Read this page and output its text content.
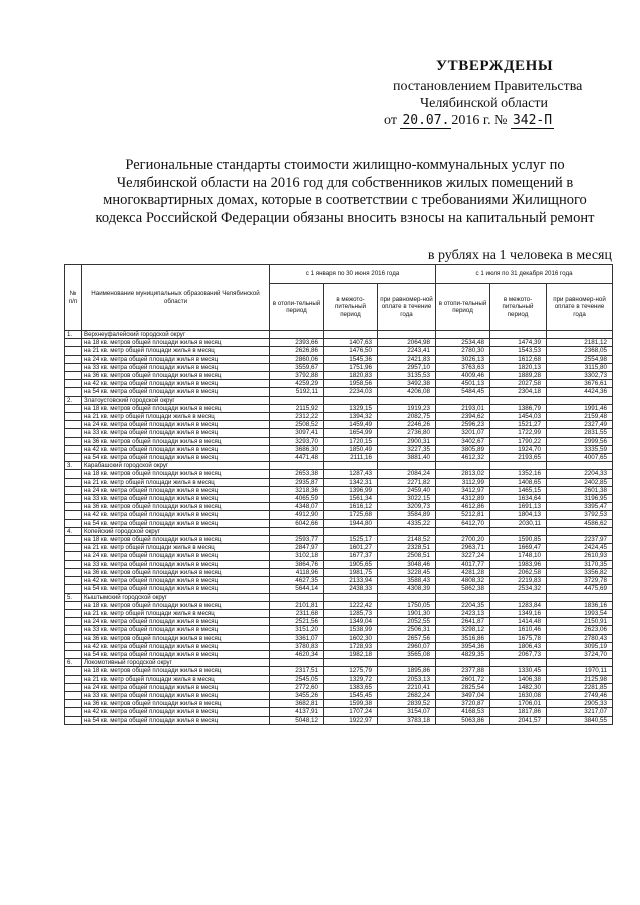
УТВЕРЖДЕНЫ
постановлением Правительства
Челябинской области
от 20.07. 2016 г. № 342-П
Региональные стандарты стоимости жилищно-коммунальных услуг по
Челябинской области на 2016 год для собственников жилых помещений в
многоквартирных домах, которые в соответствии с требованиями Жилищного
кодекса Российской Федерации обязаны вносить взносы на капитальный ремонт
в рублях на 1 человека в месяц
№ п/п	Наименование муниципальных образований Челябинской области	с 1 января по 30 июня 2016 года			с 1 июля по 31 декабря 2016 года		
		в отопи-тельный период	в межото-пительный период	при равномер-ной оплате в течение года	в отопи-тельный период	в межото-пительный период	при равномер-ной оплате в течение года
1.	Верхнеуфалейский городской округ						
	на 18 кв. метров общей площади жилья в месяц	2393,66	1407,63	2064,98	2534,48	1474,39	2181,12
	на 21 кв. метр общей площади жилья в месяц	2626,86	1476,50	2243,41	2780,30	1543,53	2368,05
	на 24 кв. метра общей площади жилья в месяц	2860,06	1545,36	2421,83	3026,13	1612,68	2554,98
	на 33 кв. метра общей площади жилья в месяц	3559,67	1751,96	2957,10	3763,63	1820,13	3115,80
	на 36 кв. метров общей площади жилья в месяц	3792,88	1820,83	3135,53	4009,46	1889,28	3302,73
	на 42 кв. метра общей площади жилья в месяц	4259,29	1958,56	3492,38	4501,13	2027,58	3676,61
	на 54 кв. метра общей площади жилья в месяц	5192,11	2234,03	4206,08	5484,45	2304,18	4424,36
2.	Златоустовский городской округ						
	на 18 кв. метров общей площади жилья в месяц	2115,92	1329,15	1919,23	2193,01	1386,79	1991,46
	на 21 кв. метр общей площади жилья в месяц	2312,22	1394,32	2082,75	2394,62	1454,03	2159,48
	на 24 кв. метра общей площади жилья в месяц	2508,52	1459,49	2246,26	2596,23	1521,27	2327,49
	на 33 кв. метра общей площади жилья в месяц	3097,41	1654,99	2736,80	3201,07	1722,99	2831,55
	на 36 кв. метров общей площади жилья в месяц	3293,70	1720,15	2900,31	3402,67	1790,22	2999,56
	на 42 кв. метра общей площади жилья в месяц	3686,30	1850,49	3227,35	3805,89	1924,70	3335,59
	на 54 кв. метра общей площади жилья в месяц	4471,48	2111,16	3881,40	4612,32	2193,65	4007,65
3.	Карабашский городской округ						
	на 18 кв. метров общей площади жилья в месяц	2653,38	1287,43	2084,24	2813,02	1352,16	2204,33
	на 21 кв. метр общей площади жилья в месяц	2935,87	1342,31	2271,82	3112,99	1408,65	2402,85
	на 24 кв. метра общей площади жилья в месяц	3218,36	1396,99	2459,40	3412,97	1465,15	2601,38
	на 33 кв. метра общей площади жилья в месяц	4065,59	1561,34	3022,15	4312,89	1634,64	3196,95
	на 36 кв. метров общей площади жилья в месяц	4348,07	1616,12	3209,73	4612,86	1691,13	3395,47
	на 42 кв. метра общей площади жилья в месяц	4912,90	1725,68	3584,89	5212,81	1804,13	3792,53
	на 54 кв. метра общей площади жилья в месяц	6042,66	1944,80	4335,22	6412,70	2030,11	4586,62
4.	Копейский городской округ						
	на 18 кв. метров общей площади жилья в месяц	2593,77	1525,17	2148,52	2700,20	1590,85	2237,97
	на 21 кв. метр общей площади жилья в месяц	2847,97	1601,27	2328,51	2963,71	1669,47	2424,45
	на 24 кв. метра общей площади жилья в месяц	3102,18	1677,37	2508,51	3227,24	1748,10	2610,93
	на 33 кв. метра общей площади жилья в месяц	3864,76	1905,65	3048,46	4017,77	1983,96	3170,35
	на 36 кв. метров общей площади жилья в месяц	4118,96	1981,75	3228,45	4281,28	2062,58	3356,82
	на 42 кв. метра общей площади жилья в месяц	4627,35	2133,94	3588,43	4808,32	2219,83	3729,78
	на 54 кв. метра общей площади жилья в месяц	5644,14	2438,33	4308,39	5862,38	2534,32	4475,69
5.	Кыштымский городской округ						
	на 18 кв. метров общей площади жилья в месяц	2101,81	1222,42	1750,05	2204,35	1283,84	1836,16
	на 21 кв. метр общей площади жилья в месяц	2311,68	1285,73	1901,30	2423,13	1349,16	1993,54
	на 24 кв. метра общей площади жилья в месяц	2521,56	1349,04	2052,55	2641,87	1414,48	2150,91
	на 33 кв. метра общей площади жилья в месяц	3151,20	1538,99	2506,31	3298,12	1610,46	2623,06
	на 36 кв. метров общей площади жилья в месяц	3361,07	1602,30	2657,56	3516,86	1675,78	2780,43
	на 42 кв. метра общей площади жилья в месяц	3780,83	1728,93	2960,07	3954,36	1806,43	3095,19
	на 54 кв. метра общей площади жилья в месяц	4620,34	1982,18	3565,08	4829,35	2067,73	3724,70
6.	Локомотивный городской округ						
	на 18 кв. метров общей площади жилья в месяц	2317,51	1275,79	1895,86	2377,88	1330,45	1970,11
	на 21 кв. метр общей площади жилья в месяц	2545,05	1329,72	2053,13	2601,72	1406,38	2125,98
	на 24 кв. метра общей площади жилья в месяц	2772,60	1383,65	2210,41	2825,54	1482,30	2281,85
	на 33 кв. метра общей площади жилья в месяц	3455,26	1545,45	2682,24	3497,04	1630,08	2749,46
	на 36 кв. метров общей площади жилья в месяц	3682,81	1599,38	2839,52	3720,87	1706,01	2905,33
	на 42 кв. метра общей площади жилья в месяц	4137,91	1707,24	3154,07	4168,53	1817,86	3217,07
	на 54 кв. метра общей площади жилья в месяц	5048,12	1922,97	3783,18	5063,86	2041,57	3840,55
